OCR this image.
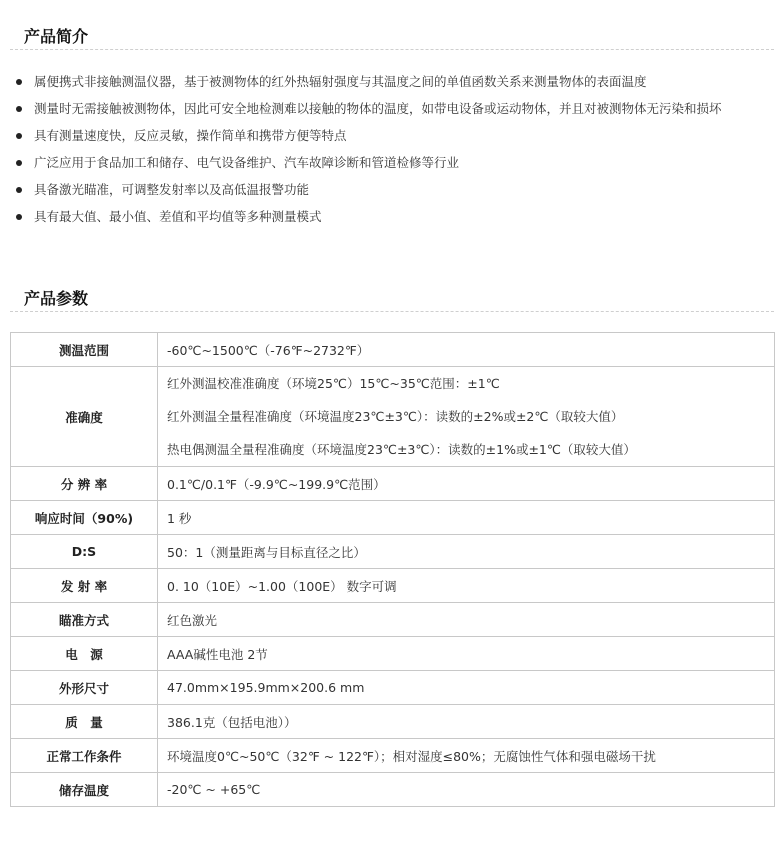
产品简介
属便携式非接触测温仪器，基于被测物体的红外热辐射强度与其温度之间的单值函数关系来测量物体的表面温度
测量时无需接触被测物体，因此可安全地检测难以接触的物体的温度，如带电设备或运动物体，并且对被测物体无污染和损坏
具有测量速度快，反应灵敏，操作简单和携带方便等特点
广泛应用于食品加工和储存、电气设备维护、汽车故障诊断和管道检修等行业
具备激光瞄准，可调整发射率以及高低温报警功能
具有最大值、最小值、差值和平均值等多种测量模式
产品参数
测温范围	-60℃~1500℃（-76℉~2732℉）
准确度	红外测温校准准确度（环境25℃）15℃~35℃范围：±1℃
红外测温全量程准确度（环境温度23℃±3℃）：读数的±2%或±2℃（取较大值）
热电偶测温全量程准确度（环境温度23℃±3℃）：读数的±1%或±1℃（取较大值）

分 辨 率	0.1℃/0.1℉（-9.9℃~199.9℃范围）
响应时间（90%)	1 秒
D:S	50：1（测量距离与目标直径之比）
发 射 率	0. 10（10E）~1.00（100E） 数字可调
瞄准方式	红色激光
电　源	AAA碱性电池 2节
外形尺寸	47.0mm×195.9mm×200.6 mm
质　量	386.1克（包括电池））
正常工作条件	环境温度0℃~50℃（32℉ ~ 122℉）；相对湿度≤80%；无腐蚀性气体和强电磁场干扰
储存温度	-20℃ ~ +65℃
